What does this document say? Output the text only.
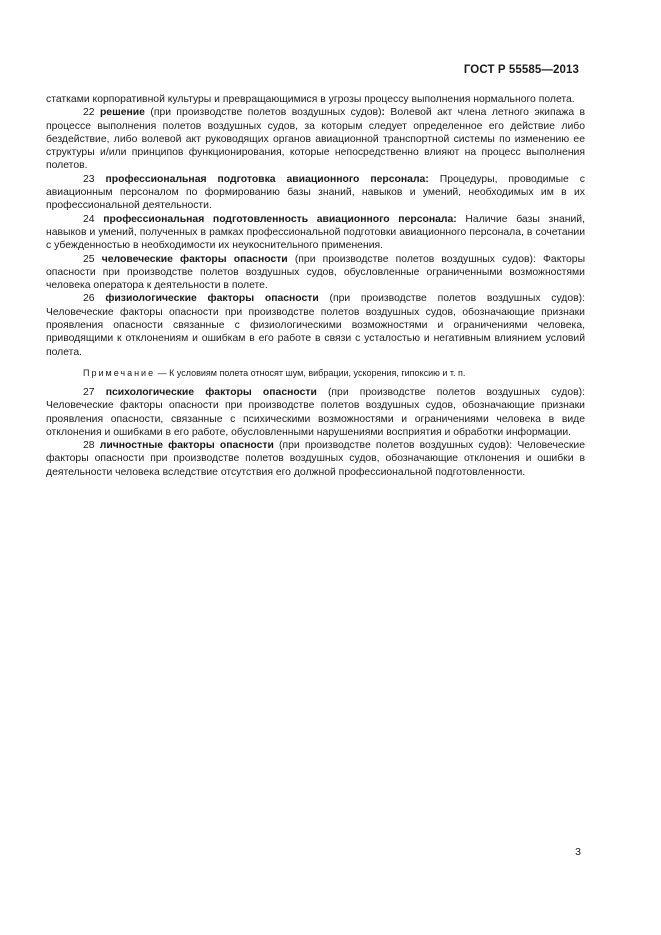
ГОСТ Р 55585—2013

статками корпоративной культуры и превращающимися в угрозы процессу выполнения нормального полета.

22 решение (при производстве полетов воздушных судов): Волевой акт члена летного экипажа в процессе выполнения полетов воздушных судов, за которым следует определенное его действие либо бездействие, либо волевой акт руководящих органов авиационной транспортной системы по изменению ее структуры и/или принципов функционирования, которые непосредственно влияют на процесс выполнения полетов.

23 профессиональная подготовка авиационного персонала: Процедуры, проводимые с авиационным персоналом по формированию базы знаний, навыков и умений, необходимых им в их профессиональной деятельности.

24 профессиональная подготовленность авиационного персонала: Наличие базы знаний, навыков и умений, полученных в рамках профессиональной подготовки авиационного персонала, в сочетании с убежденностью в необходимости их неукоснительного применения.

25 человеческие факторы опасности (при производстве полетов воздушных судов): Факторы опасности при производстве полетов воздушных судов, обусловленные ограниченными возможностями человека оператора к деятельности в полете.

26 физиологические факторы опасности (при производстве полетов воздушных судов): Человеческие факторы опасности при производстве полетов воздушных судов, обозначающие признаки проявления опасности связанные с физиологическими возможностями и ограничениями человека, приводящими к отклонениям и ошибкам в его работе в связи с усталостью и негативным влиянием условий полета.

Примечание — К условиям полета относят шум, вибрации, ускорения, гипоксию и т. п.

27 психологические факторы опасности (при производстве полетов воздушных судов): Человеческие факторы опасности при производстве полетов воздушных судов, обозначающие признаки проявления опасности, связанные с психическими возможностями и ограничениями человека в виде отклонения и ошибками в его работе, обусловленными нарушениями восприятия и обработки информации.

28 личностные факторы опасности (при производстве полетов воздушных судов): Человеческие факторы опасности при производстве полетов воздушных судов, обозначающие отклонения и ошибки в деятельности человека вследствие отсутствия его должной профессиональной подготовленности.

3
